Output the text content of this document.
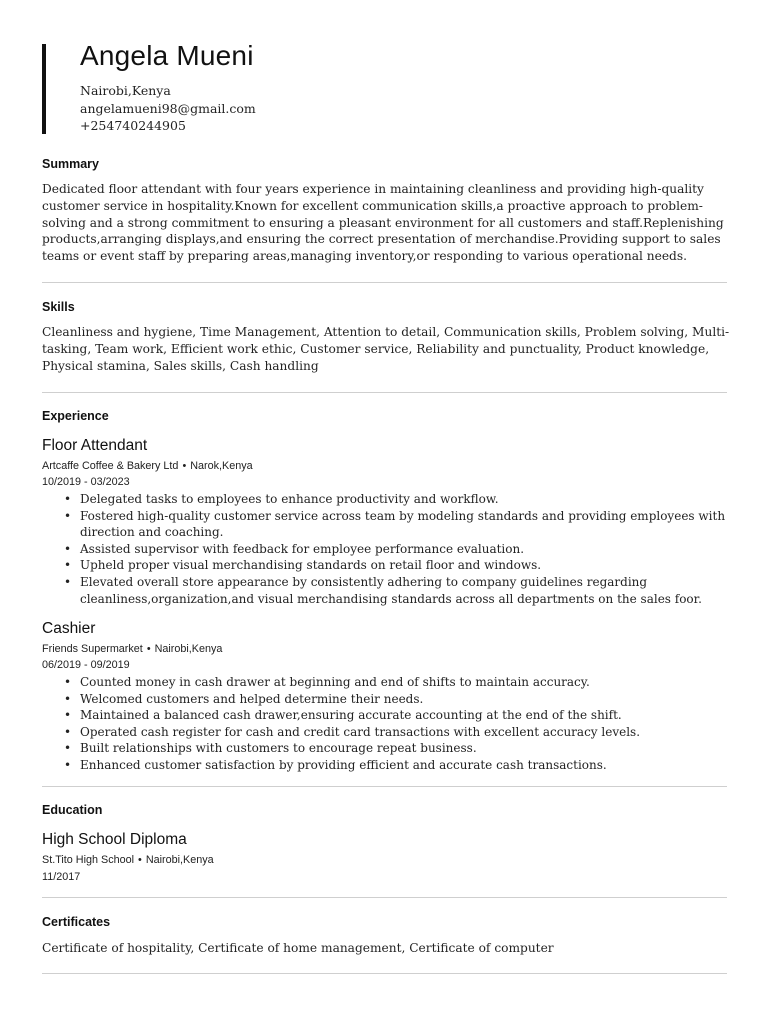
Angela Mueni
Nairobi,Kenya
angelamueni98@gmail.com
+254740244905
Summary

Dedicated floor attendant with four years experience in maintaining cleanliness and providing high-quality customer service in hospitality.Known for excellent communication skills,a proactive approach to problem-solving and a strong commitment to ensuring a pleasant environment for all customers and staff.Replenishing products,arranging displays,and ensuring the correct presentation of merchandise.Providing support to sales teams or event staff by preparing areas,managing inventory,or responding to various operational needs.

Skills

Cleanliness and hygiene, Time Management, Attention to detail, Communication skills, Problem solving, Multi-tasking, Team work, Efficient work ethic, Customer service, Reliability and punctuality, Product knowledge, Physical stamina, Sales skills, Cash handling

Experience
Floor Attendant
Artcaffe Coffee & Bakery Ltd • Narok,Kenya
10/2019 - 03/2023
• Delegated tasks to employees to enhance productivity and workflow.
• Fostered high-quality customer service across team by modeling standards and providing employees with direction and coaching.
• Assisted supervisor with feedback for employee performance evaluation.
• Upheld proper visual merchandising standards on retail floor and windows.
• Elevated overall store appearance by consistently adhering to company guidelines regarding cleanliness,organization,and visual merchandising standards across all departments on the sales foor.
Cashier
Friends Supermarket • Nairobi,Kenya
06/2019 - 09/2019
• Counted money in cash drawer at beginning and end of shifts to maintain accuracy.
• Welcomed customers and helped determine their needs.
• Maintained a balanced cash drawer,ensuring accurate accounting at the end of the shift.
• Operated cash register for cash and credit card transactions with excellent accuracy levels.
• Built relationships with customers to encourage repeat business.
• Enhanced customer satisfaction by providing efficient and accurate cash transactions.
Education
High School Diploma
St.Tito High School • Nairobi,Kenya
11/2017
Certificates

Certificate of hospitality, Certificate of home management, Certificate of computer
